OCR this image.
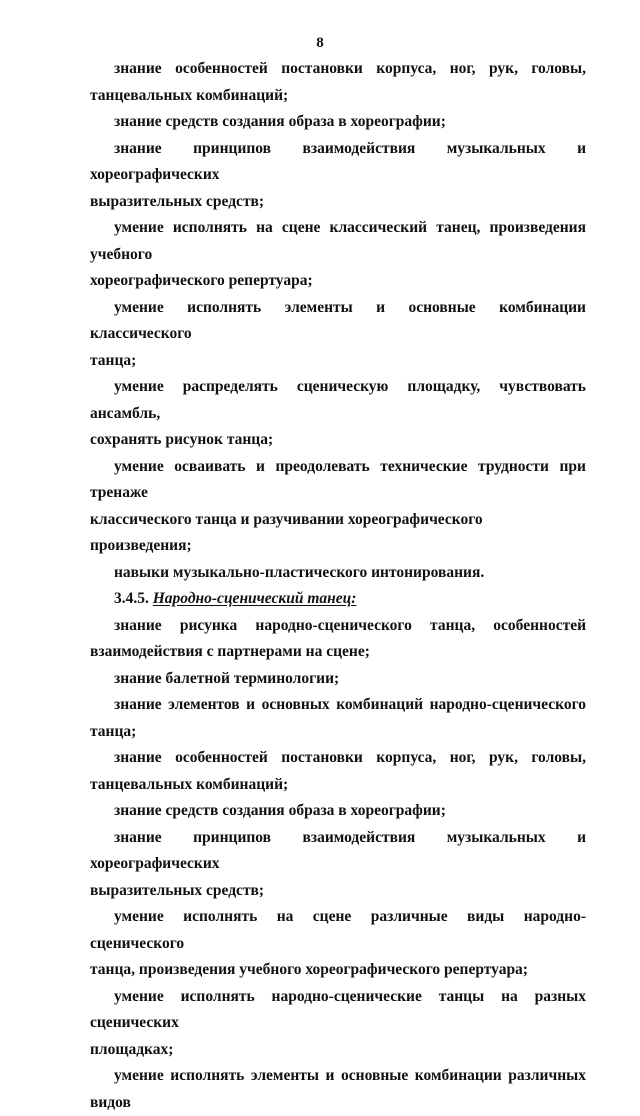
8

знание особенностей постановки корпуса, ног, рук, головы,
танцевальных комбинаций;

знание средств создания образа в хореографии;

знание принципов взаимодействия музыкальных и хореографических
выразительных средств;

умение исполнять на сцене классический танец, произведения учебного
хореографического репертуара;

умение исполнять элементы и основные комбинации классического
танца;

умение распределять сценическую площадку, чувствовать ансамбль,
сохранять рисунок танца;

умение осваивать и преодолевать технические трудности при тренаже
классического танца и разучивании хореографического произведения;

навыки музыкально-пластического интонирования.

3.4.5. Народно-сценический танец:

знание рисунка народно-сценического танца, особенностей
взаимодействия с партнерами на сцене;

знание балетной терминологии;

знание элементов и основных комбинаций народно-сценического
танца;

знание особенностей постановки корпуса, ног, рук, головы,
танцевальных комбинаций;

знание средств создания образа в хореографии;

знание принципов взаимодействия музыкальных и хореографических
выразительных средств;

умение исполнять на сцене различные виды народно-сценического
танца, произведения учебного хореографического репертуара;

умение исполнять народно-сценические танцы на разных сценических
площадках;

умение исполнять элементы и основные комбинации различных видов
